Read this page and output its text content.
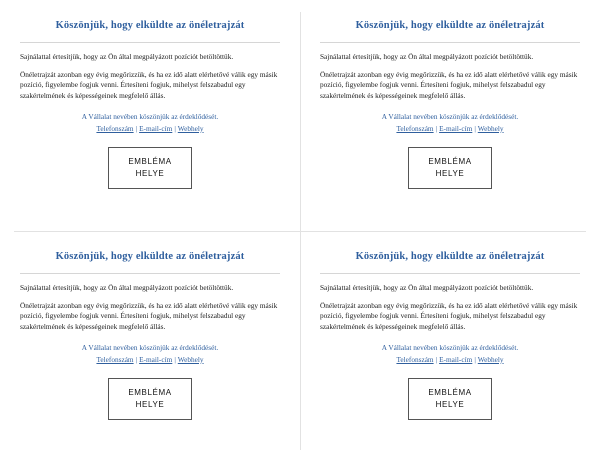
Köszönjük, hogy elküldte az önéletrajzát

Sajnálattal értesítjük, hogy az Ön által megpályázott pozíciót betöltöttük.

Önéletrajzát azonban egy évig megőrizzük, és ha ez idő alatt elérhetővé válik egy másik pozíció, figyelembe fogjuk venni. Értesíteni fogjuk, mihelyst felszabadul egy szakértelmének és képességeinek megfelelő állás.

A Vállalat nevében köszönjük az érdeklődését.
Telefonszám | E-mail-cím | Webhely
EMBLÉMA
HELYE
Köszönjük, hogy elküldte az önéletrajzát

Sajnálattal értesítjük, hogy az Ön által megpályázott pozíciót betöltöttük.

Önéletrajzát azonban egy évig megőrizzük, és ha ez idő alatt elérhetővé válik egy másik pozíció, figyelembe fogjuk venni. Értesíteni fogjuk, mihelyst felszabadul egy szakértelmének és képességeinek megfelelő állás.

A Vállalat nevében köszönjük az érdeklődését.
Telefonszám | E-mail-cím | Webhely
EMBLÉMA
HELYE
Köszönjük, hogy elküldte az önéletrajzát

Sajnálattal értesítjük, hogy az Ön által megpályázott pozíciót betöltöttük.

Önéletrajzát azonban egy évig megőrizzük, és ha ez idő alatt elérhetővé válik egy másik pozíció, figyelembe fogjuk venni. Értesíteni fogjuk, mihelyst felszabadul egy szakértelmének és képességeinek megfelelő állás.

A Vállalat nevében köszönjük az érdeklődését.
Telefonszám | E-mail-cím | Webhely
EMBLÉMA
HELYE
Köszönjük, hogy elküldte az önéletrajzát

Sajnálattal értesítjük, hogy az Ön által megpályázott pozíciót betöltöttük.

Önéletrajzát azonban egy évig megőrizzük, és ha ez idő alatt elérhetővé válik egy másik pozíció, figyelembe fogjuk venni. Értesíteni fogjuk, mihelyst felszabadul egy szakértelmének és képességeinek megfelelő állás.

A Vállalat nevében köszönjük az érdeklődését.
Telefonszám | E-mail-cím | Webhely
EMBLÉMA
HELYE
